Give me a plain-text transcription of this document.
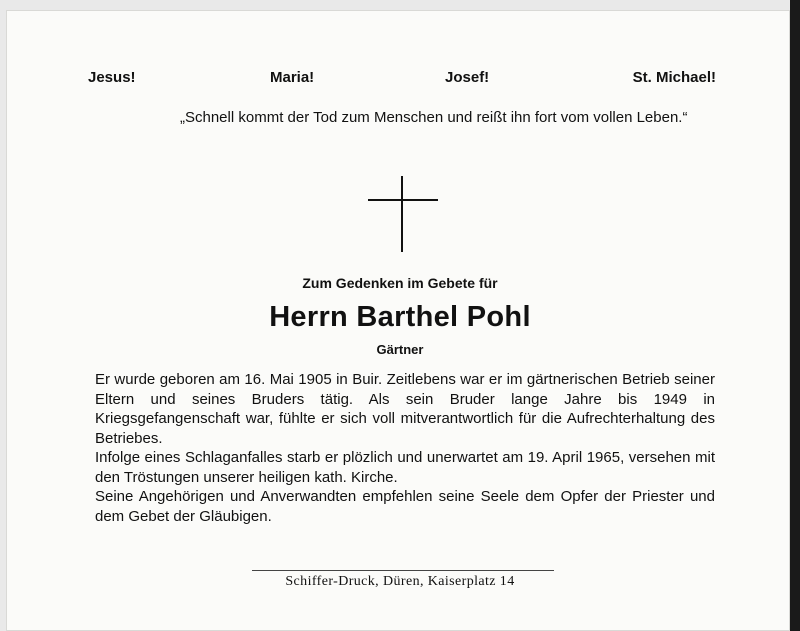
Jesus!	Maria!	Josef!	St. Michael!
„Schnell kommt der Tod zum Menschen und reißt ihn fort vom vollen Leben.“
Zum Gedenken im Gebete für
Herrn Barthel Pohl
Gärtner

Er wurde geboren am 16. Mai 1905 in Buir. Zeitlebens war er im gärtnerischen Betrieb seiner Eltern und seines Bruders tätig. Als sein Bruder lange Jahre bis 1949 in Kriegsgefangenschaft war, fühlte er sich voll mitverantwortlich für die Aufrechterhaltung des Betriebes.

Infolge eines Schlaganfalles starb er plözlich und unerwartet am 19. April 1965, versehen mit den Tröstungen unserer heiligen kath. Kirche.

Seine Angehörigen und Anverwandten empfehlen seine Seele dem Opfer der Priester und dem Gebet der Gläubigen.

Schiffer-Druck, Düren, Kaiserplatz 14
